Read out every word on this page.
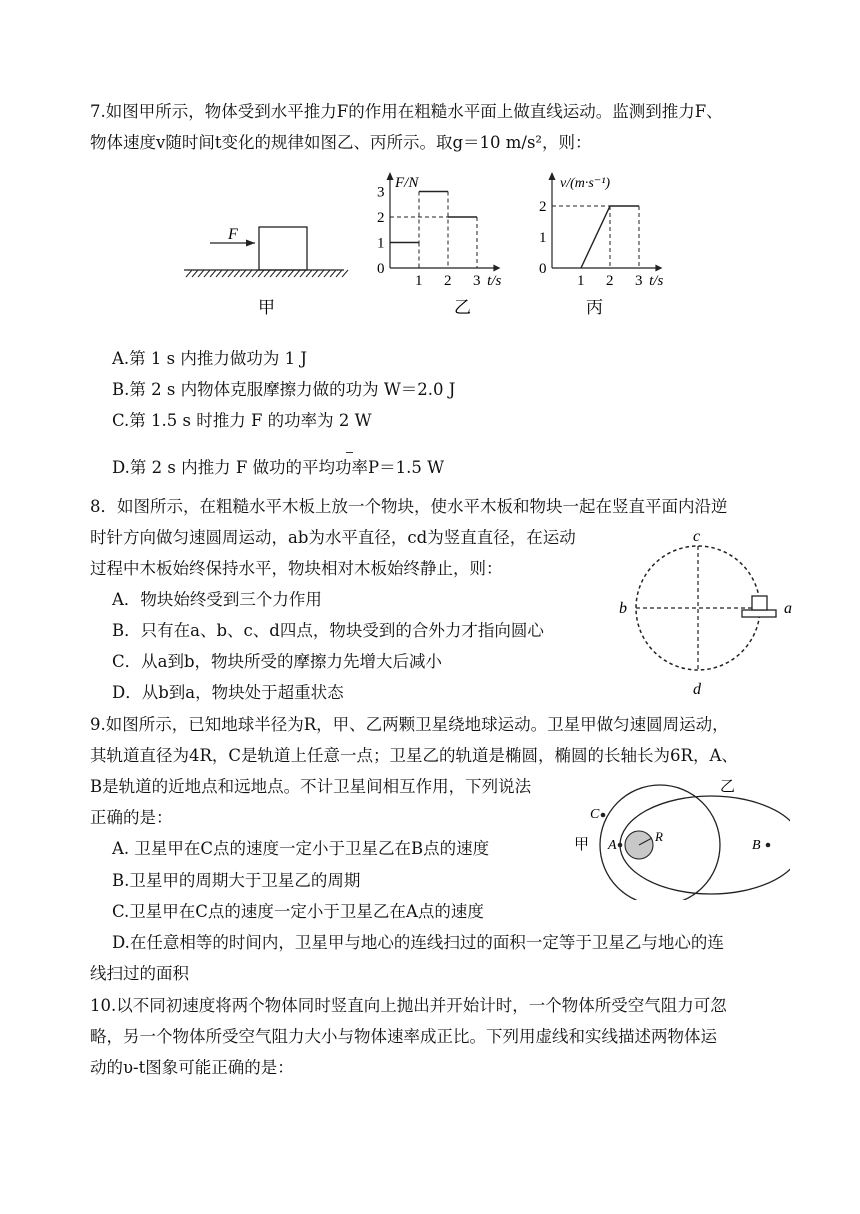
7.如图甲所示，物体受到水平推力F的作用在粗糙水平面上做直线运动。监测到推力F、
物体速度v随时间t变化的规律如图乙、丙所示。取g＝10 m/s²，则：
F
甲
F/N
t/s
0
1
2
3
1 2 3
乙
v/(m·s⁻¹)
t/s
0
1
2
1 2 3
丙
A.第 1 s 内推力做功为 1 J
B.第 2 s 内物体克服摩擦力做的功为 W＝2.0 J
C.第 1.5 s 时推力 F 的功率为 2 W
D.第 2 s 内推力 F 做功的平均功率P＝1.5 W
8．如图所示，在粗糙水平木板上放一个物块，使水平木板和物块一起在竖直平面内沿逆
时针方向做匀速圆周运动，ab为水平直径，cd为竖直直径，在运动
过程中木板始终保持水平，物块相对木板始终静止，则：
A．物块始终受到三个力作用
B．只有在a、b、c、d四点，物块受到的合外力才指向圆心
C．从a到b，物块所受的摩擦力先增大后减小
D．从b到a，物块处于超重状态
c
b	a
d
9.如图所示，已知地球半径为R，甲、乙两颗卫星绕地球运动。卫星甲做匀速圆周运动，
其轨道直径为4R，C是轨道上任意一点；卫星乙的轨道是椭圆，椭圆的长轴长为6R，A、
B是轨道的近地点和远地点。不计卫星间相互作用，下列说法
正确的是：
A. 卫星甲在C点的速度一定小于卫星乙在B点的速度
B.卫星甲的周期大于卫星乙的周期
C.卫星甲在C点的速度一定小于卫星乙在A点的速度
D.在任意相等的时间内，卫星甲与地心的连线扫过的面积一定等于卫星乙与地心的连
线扫过的面积
C
A	B
R
甲
乙
10.以不同初速度将两个物体同时竖直向上抛出并开始计时，一个物体所受空气阻力可忽
略，另一个物体所受空气阻力大小与物体速率成正比。下列用虚线和实线描述两物体运
动的υ-t图象可能正确的是：
